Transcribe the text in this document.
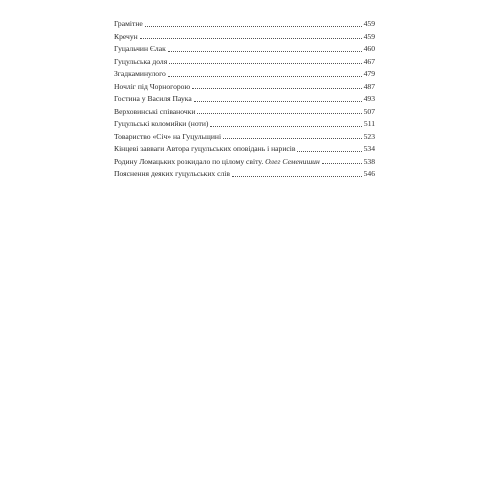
Грамітне	459
Кречун	459
Гуцальчин Єлак	460
Гуцульська доля	467
Згадкаминулого	479
Ночліг під Чорногорою	487
Гостина у Василя Паука	493
Верховинські співаночки	507
Гуцульські коломийки (ноти)	511
Товариство «Січ» на Гуцульщині	523
Кінцеві завваги Автора гуцульських оповідань і нарисів	534
Родину Ломацьких розкидало по цілому світу. Олег Семенишин	538
Пояснення деяких гуцульських слів	546
